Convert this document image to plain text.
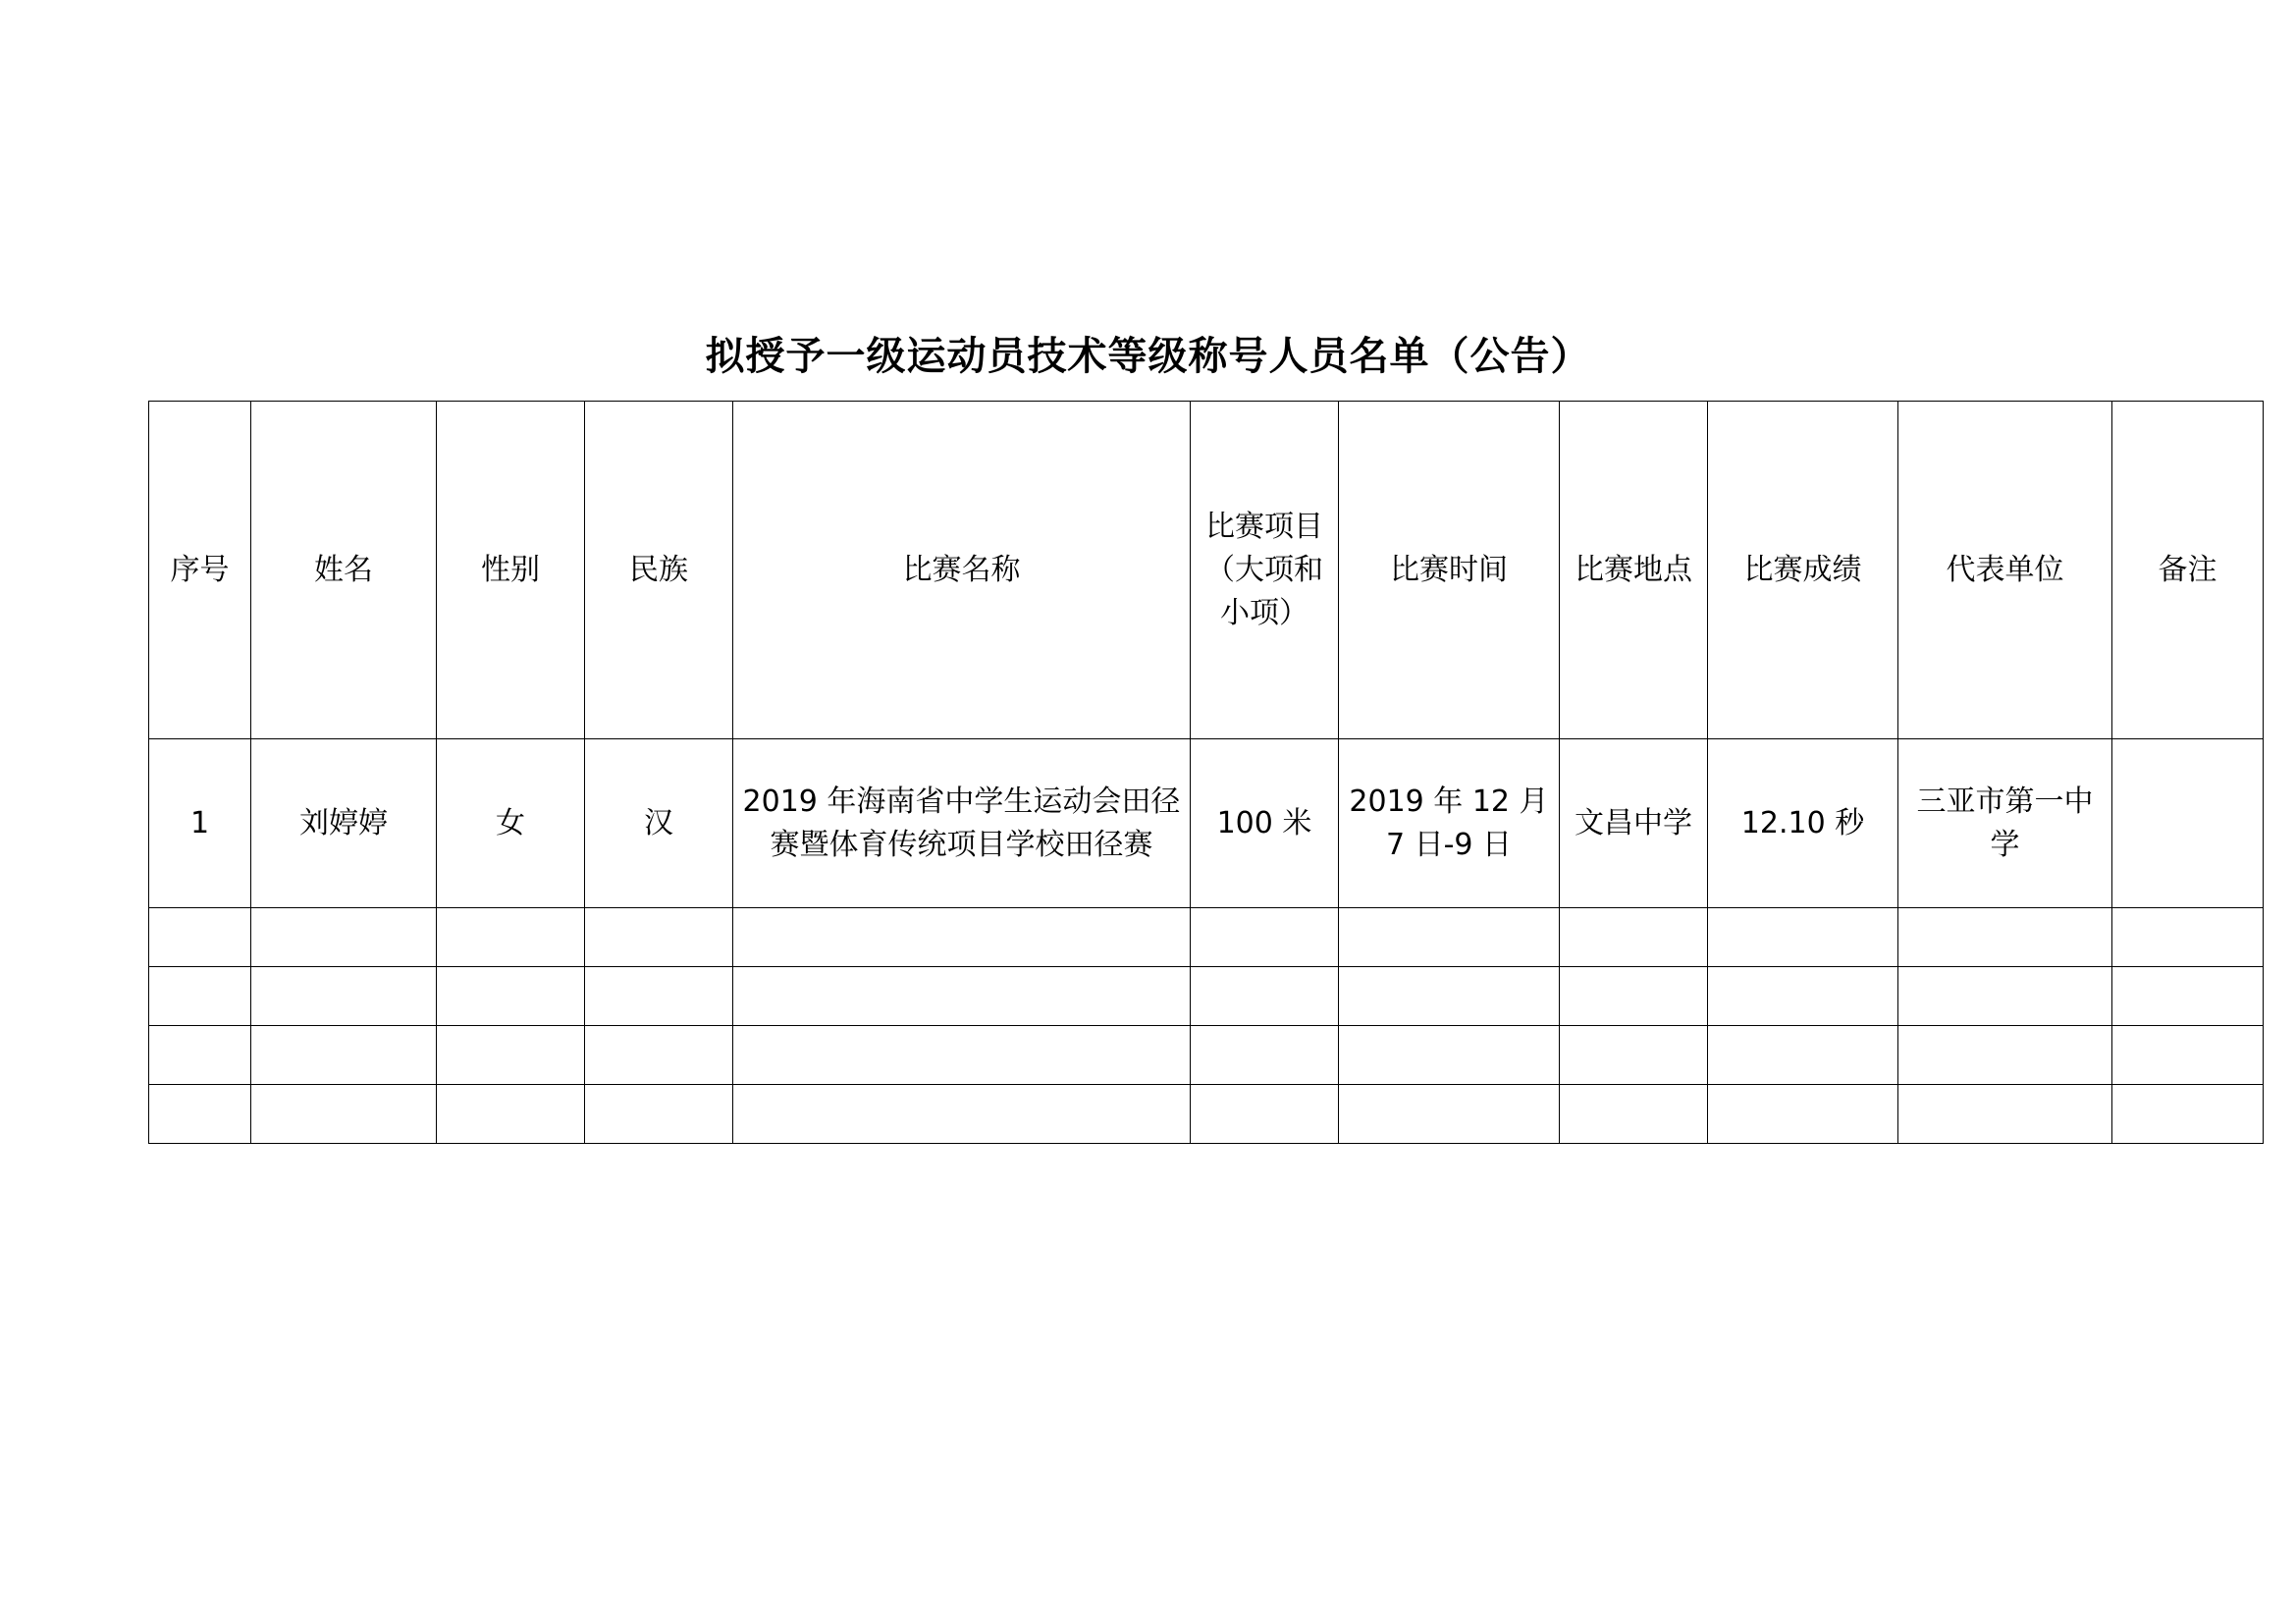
拟授予一级运动员技术等级称号人员名单（公告）
序号	姓名	性别	民族	比赛名称	比赛项目（大项和小项）	比赛时间	比赛地点	比赛成绩	代表单位	备注
1	刘婷婷	女	汉	2019 年海南省中学生运动会田径赛暨体育传统项目学校田径赛	100 米	2019 年 12 月 7 日-9 日	文昌中学	12.10 秒	三亚市第一中学	
